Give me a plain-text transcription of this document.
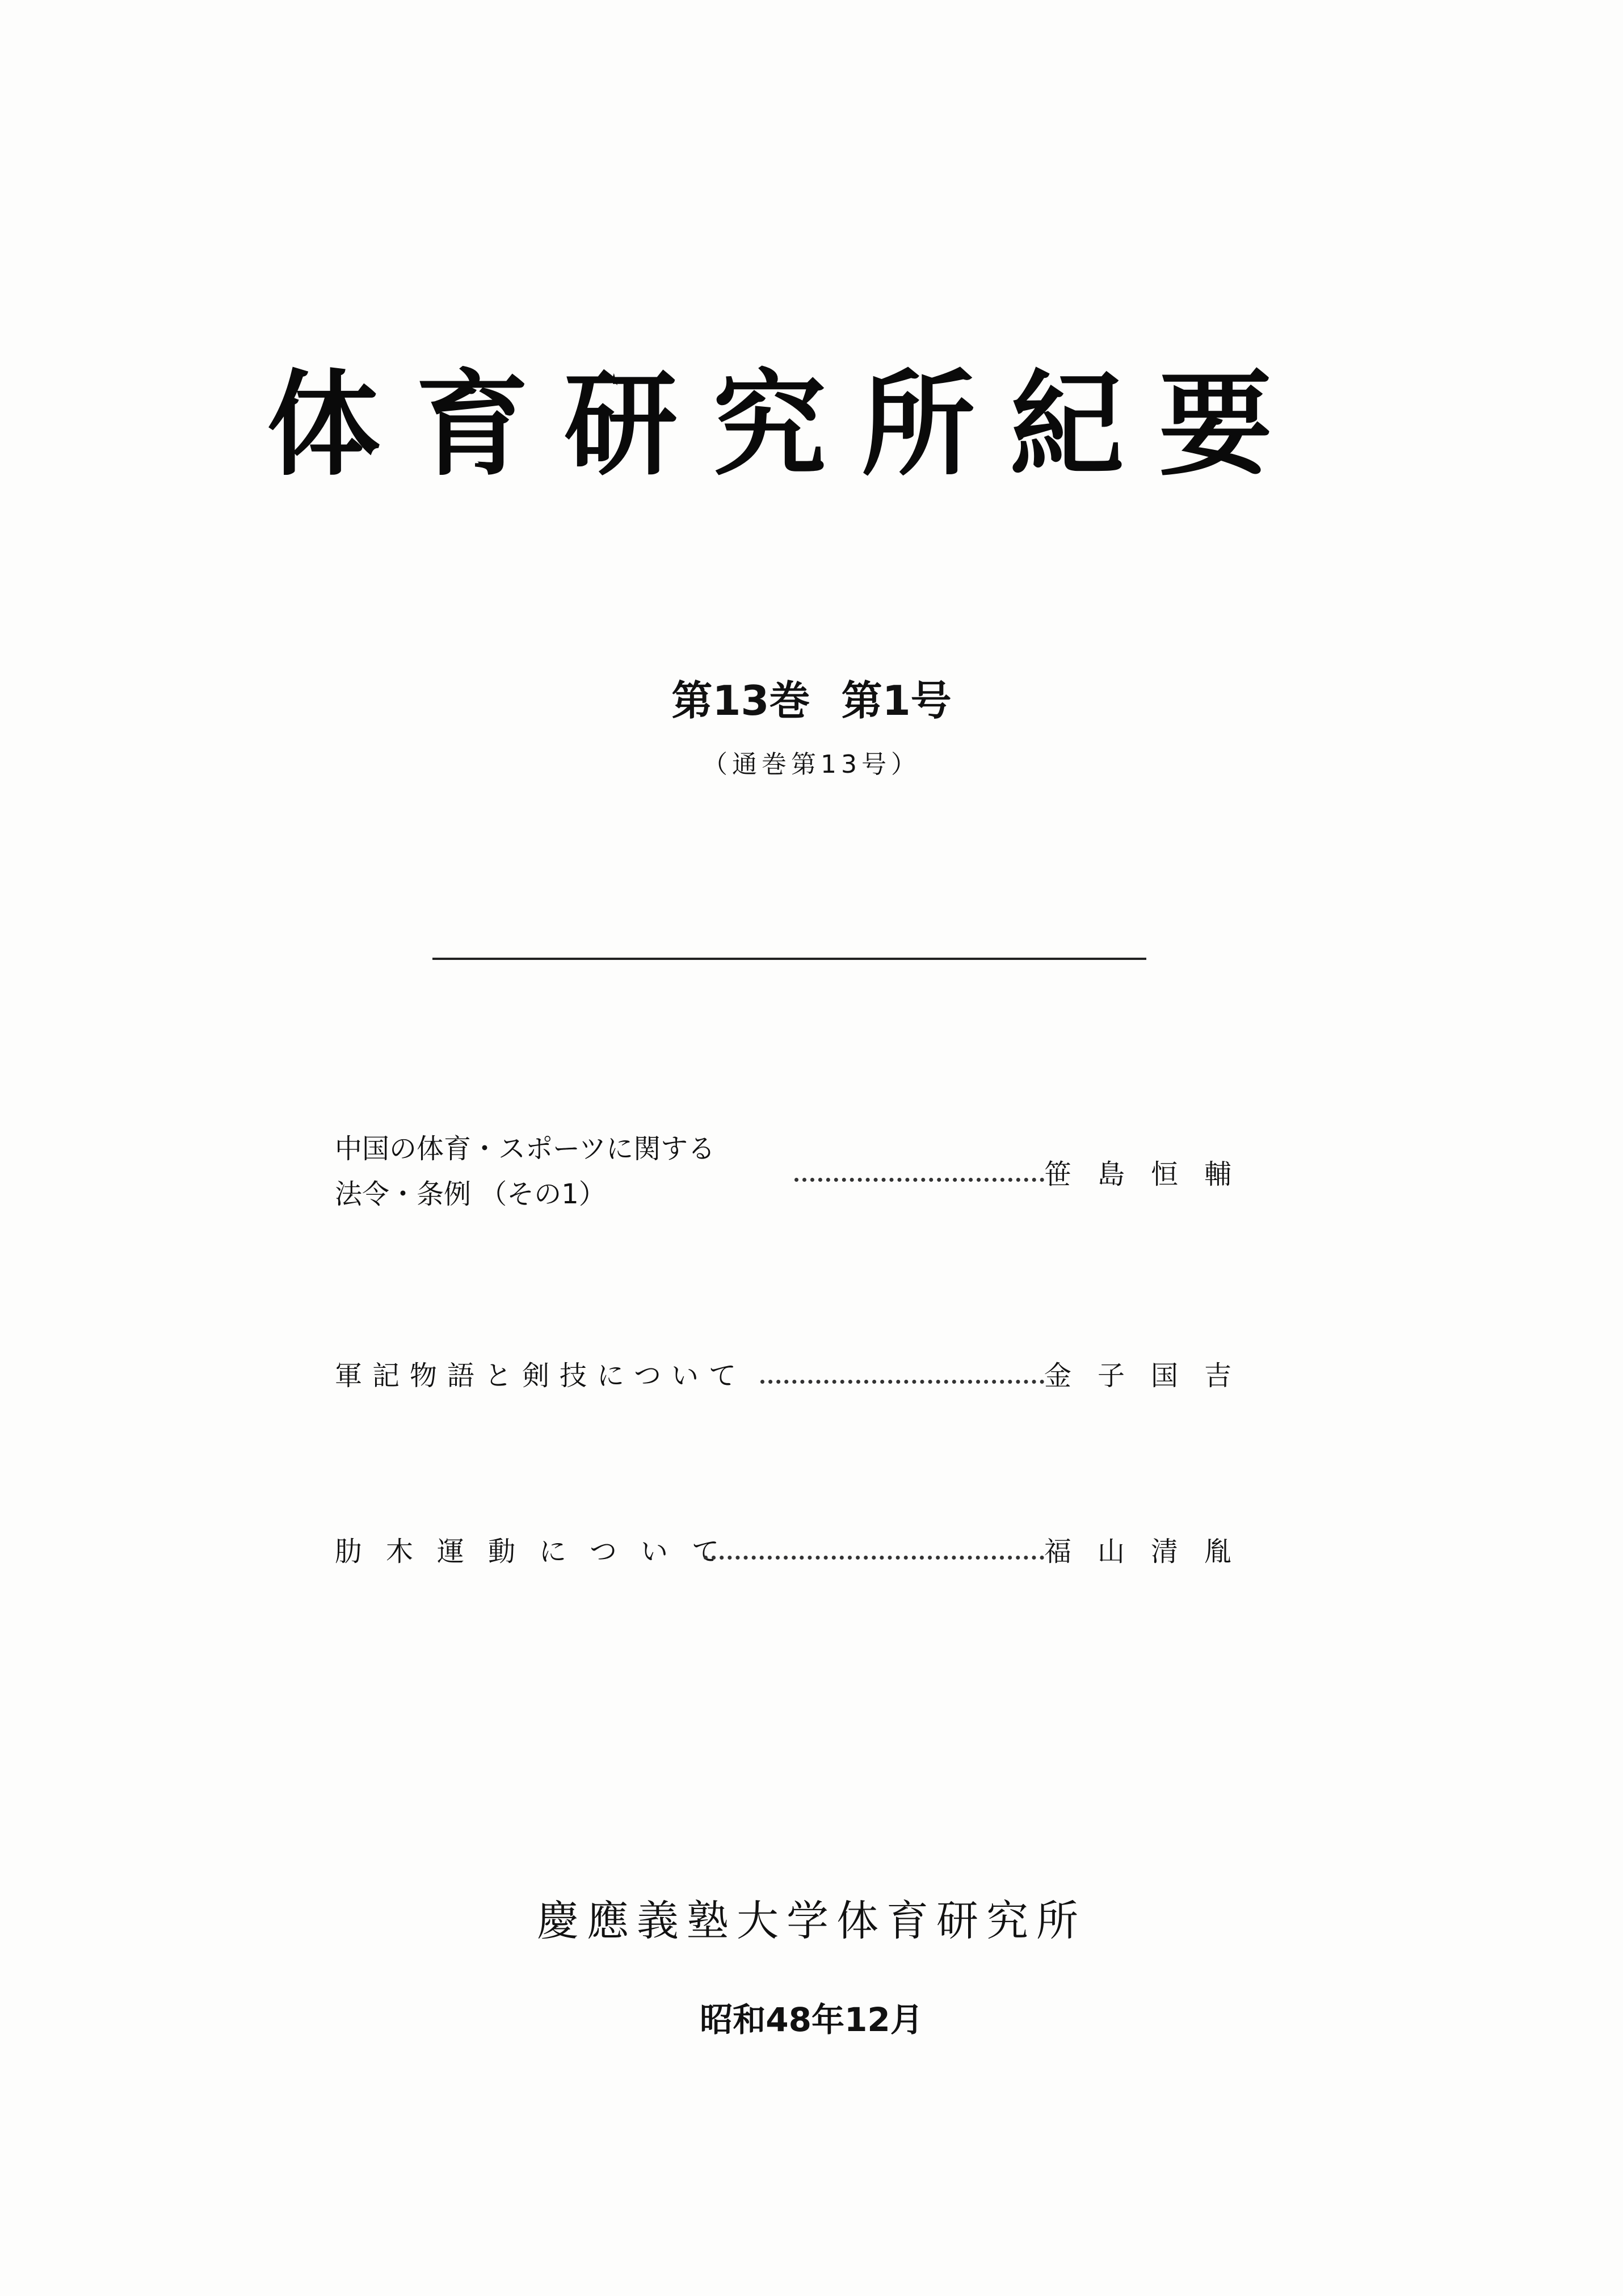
体育研究所紀要
第13巻 第1号
（通巻第13号）
中国の体育・スポーツに関する
法令・条例 （その1）
笹島恒輔
軍記物語と剣技について	金子国吉
肋木運動について	福山清胤
慶應義塾大学体育研究所
昭和48年12月
